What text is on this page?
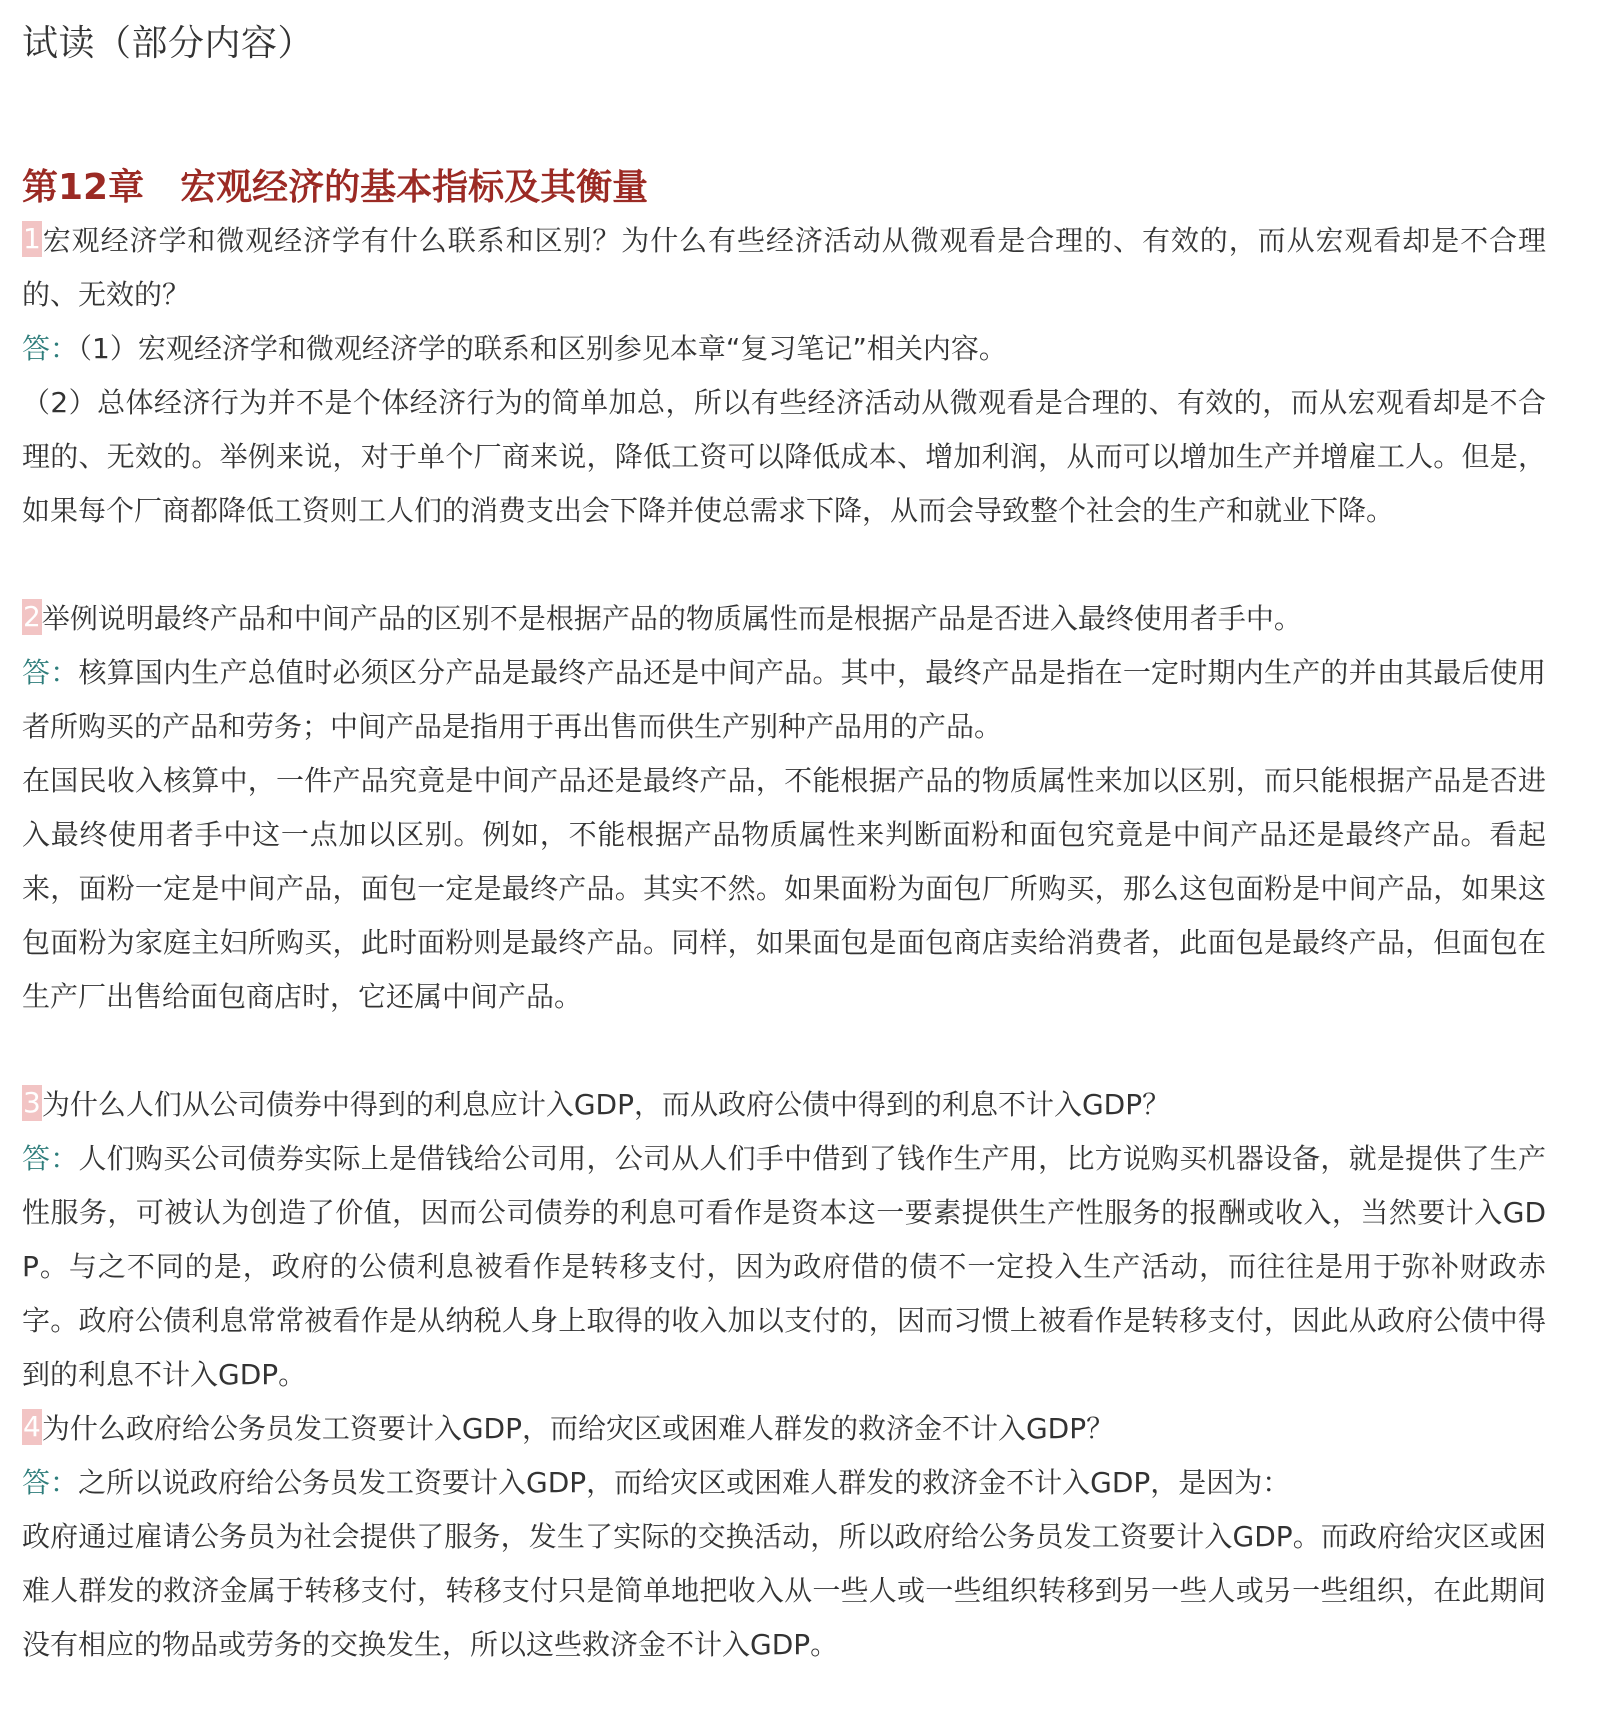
试读（部分内容）
第12章　宏观经济的基本指标及其衡量

1宏观经济学和微观经济学有什么联系和区别？为什么有些经济活动从微观看是合理的、有效的，而从宏观看却是不合理的、无效的？

答：（1）宏观经济学和微观经济学的联系和区别参见本章“复习笔记”相关内容。

（2）总体经济行为并不是个体经济行为的简单加总，所以有些经济活动从微观看是合理的、有效的，而从宏观看却是不合理的、无效的。举例来说，对于单个厂商来说，降低工资可以降低成本、增加利润，从而可以增加生产并增雇工人。但是，如果每个厂商都降低工资则工人们的消费支出会下降并使总需求下降，从而会导致整个社会的生产和就业下降。

2举例说明最终产品和中间产品的区别不是根据产品的物质属性而是根据产品是否进入最终使用者手中。

答：核算国内生产总值时必须区分产品是最终产品还是中间产品。其中，最终产品是指在一定时期内生产的并由其最后使用者所购买的产品和劳务；中间产品是指用于再出售而供生产别种产品用的产品。

在国民收入核算中，一件产品究竟是中间产品还是最终产品，不能根据产品的物质属性来加以区别，而只能根据产品是否进入最终使用者手中这一点加以区别。例如，不能根据产品物质属性来判断面粉和面包究竟是中间产品还是最终产品。看起来，面粉一定是中间产品，面包一定是最终产品。其实不然。如果面粉为面包厂所购买，那么这包面粉是中间产品，如果这包面粉为家庭主妇所购买，此时面粉则是最终产品。同样，如果面包是面包商店卖给消费者，此面包是最终产品，但面包在生产厂出售给面包商店时，它还属中间产品。

3为什么人们从公司债券中得到的利息应计入GDP，而从政府公债中得到的利息不计入GDP？

答：人们购买公司债券实际上是借钱给公司用，公司从人们手中借到了钱作生产用，比方说购买机器设备，就是提供了生产性服务，可被认为创造了价值，因而公司债券的利息可看作是资本这一要素提供生产性服务的报酬或收入，当然要计入GDP。与之不同的是，政府的公债利息被看作是转移支付，因为政府借的债不一定投入生产活动，而往往是用于弥补财政赤字。政府公债利息常常被看作是从纳税人身上取得的收入加以支付的，因而习惯上被看作是转移支付，因此从政府公债中得到的利息不计入GDP。

4为什么政府给公务员发工资要计入GDP，而给灾区或困难人群发的救济金不计入GDP？

答：之所以说政府给公务员发工资要计入GDP，而给灾区或困难人群发的救济金不计入GDP，是因为：

政府通过雇请公务员为社会提供了服务，发生了实际的交换活动，所以政府给公务员发工资要计入GDP。而政府给灾区或困难人群发的救济金属于转移支付，转移支付只是简单地把收入从一些人或一些组织转移到另一些人或另一些组织，在此期间没有相应的物品或劳务的交换发生，所以这些救济金不计入GDP。
